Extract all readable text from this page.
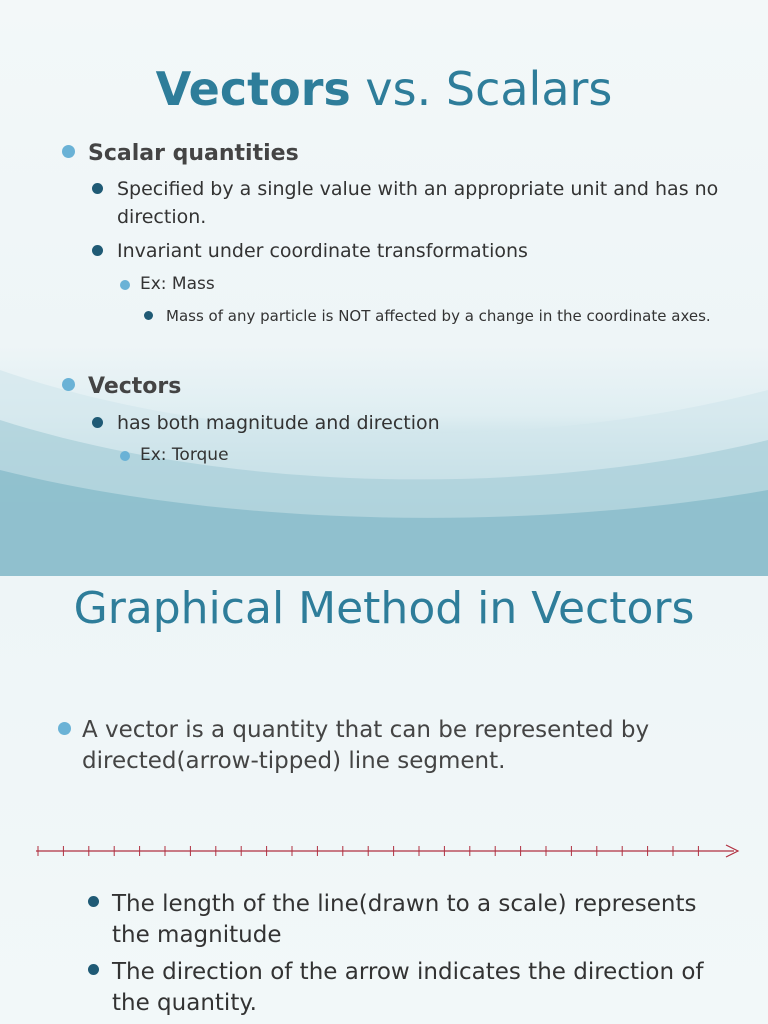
Vectors vs. Scalars
Scalar quantities
Specified by a single value with an appropriate unit and has no direction.
Invariant under coordinate transformations
Ex: Mass
Mass of any particle is NOT affected by a change in the coordinate axes.
Vectors
has both magnitude and direction
Ex: Torque
Graphical Method in Vectors
A vector is a quantity that can be represented by directed(arrow-tipped) line segment.
The length of the line(drawn to a scale) represents the magnitude
The direction of the arrow indicates the direction of the quantity.
